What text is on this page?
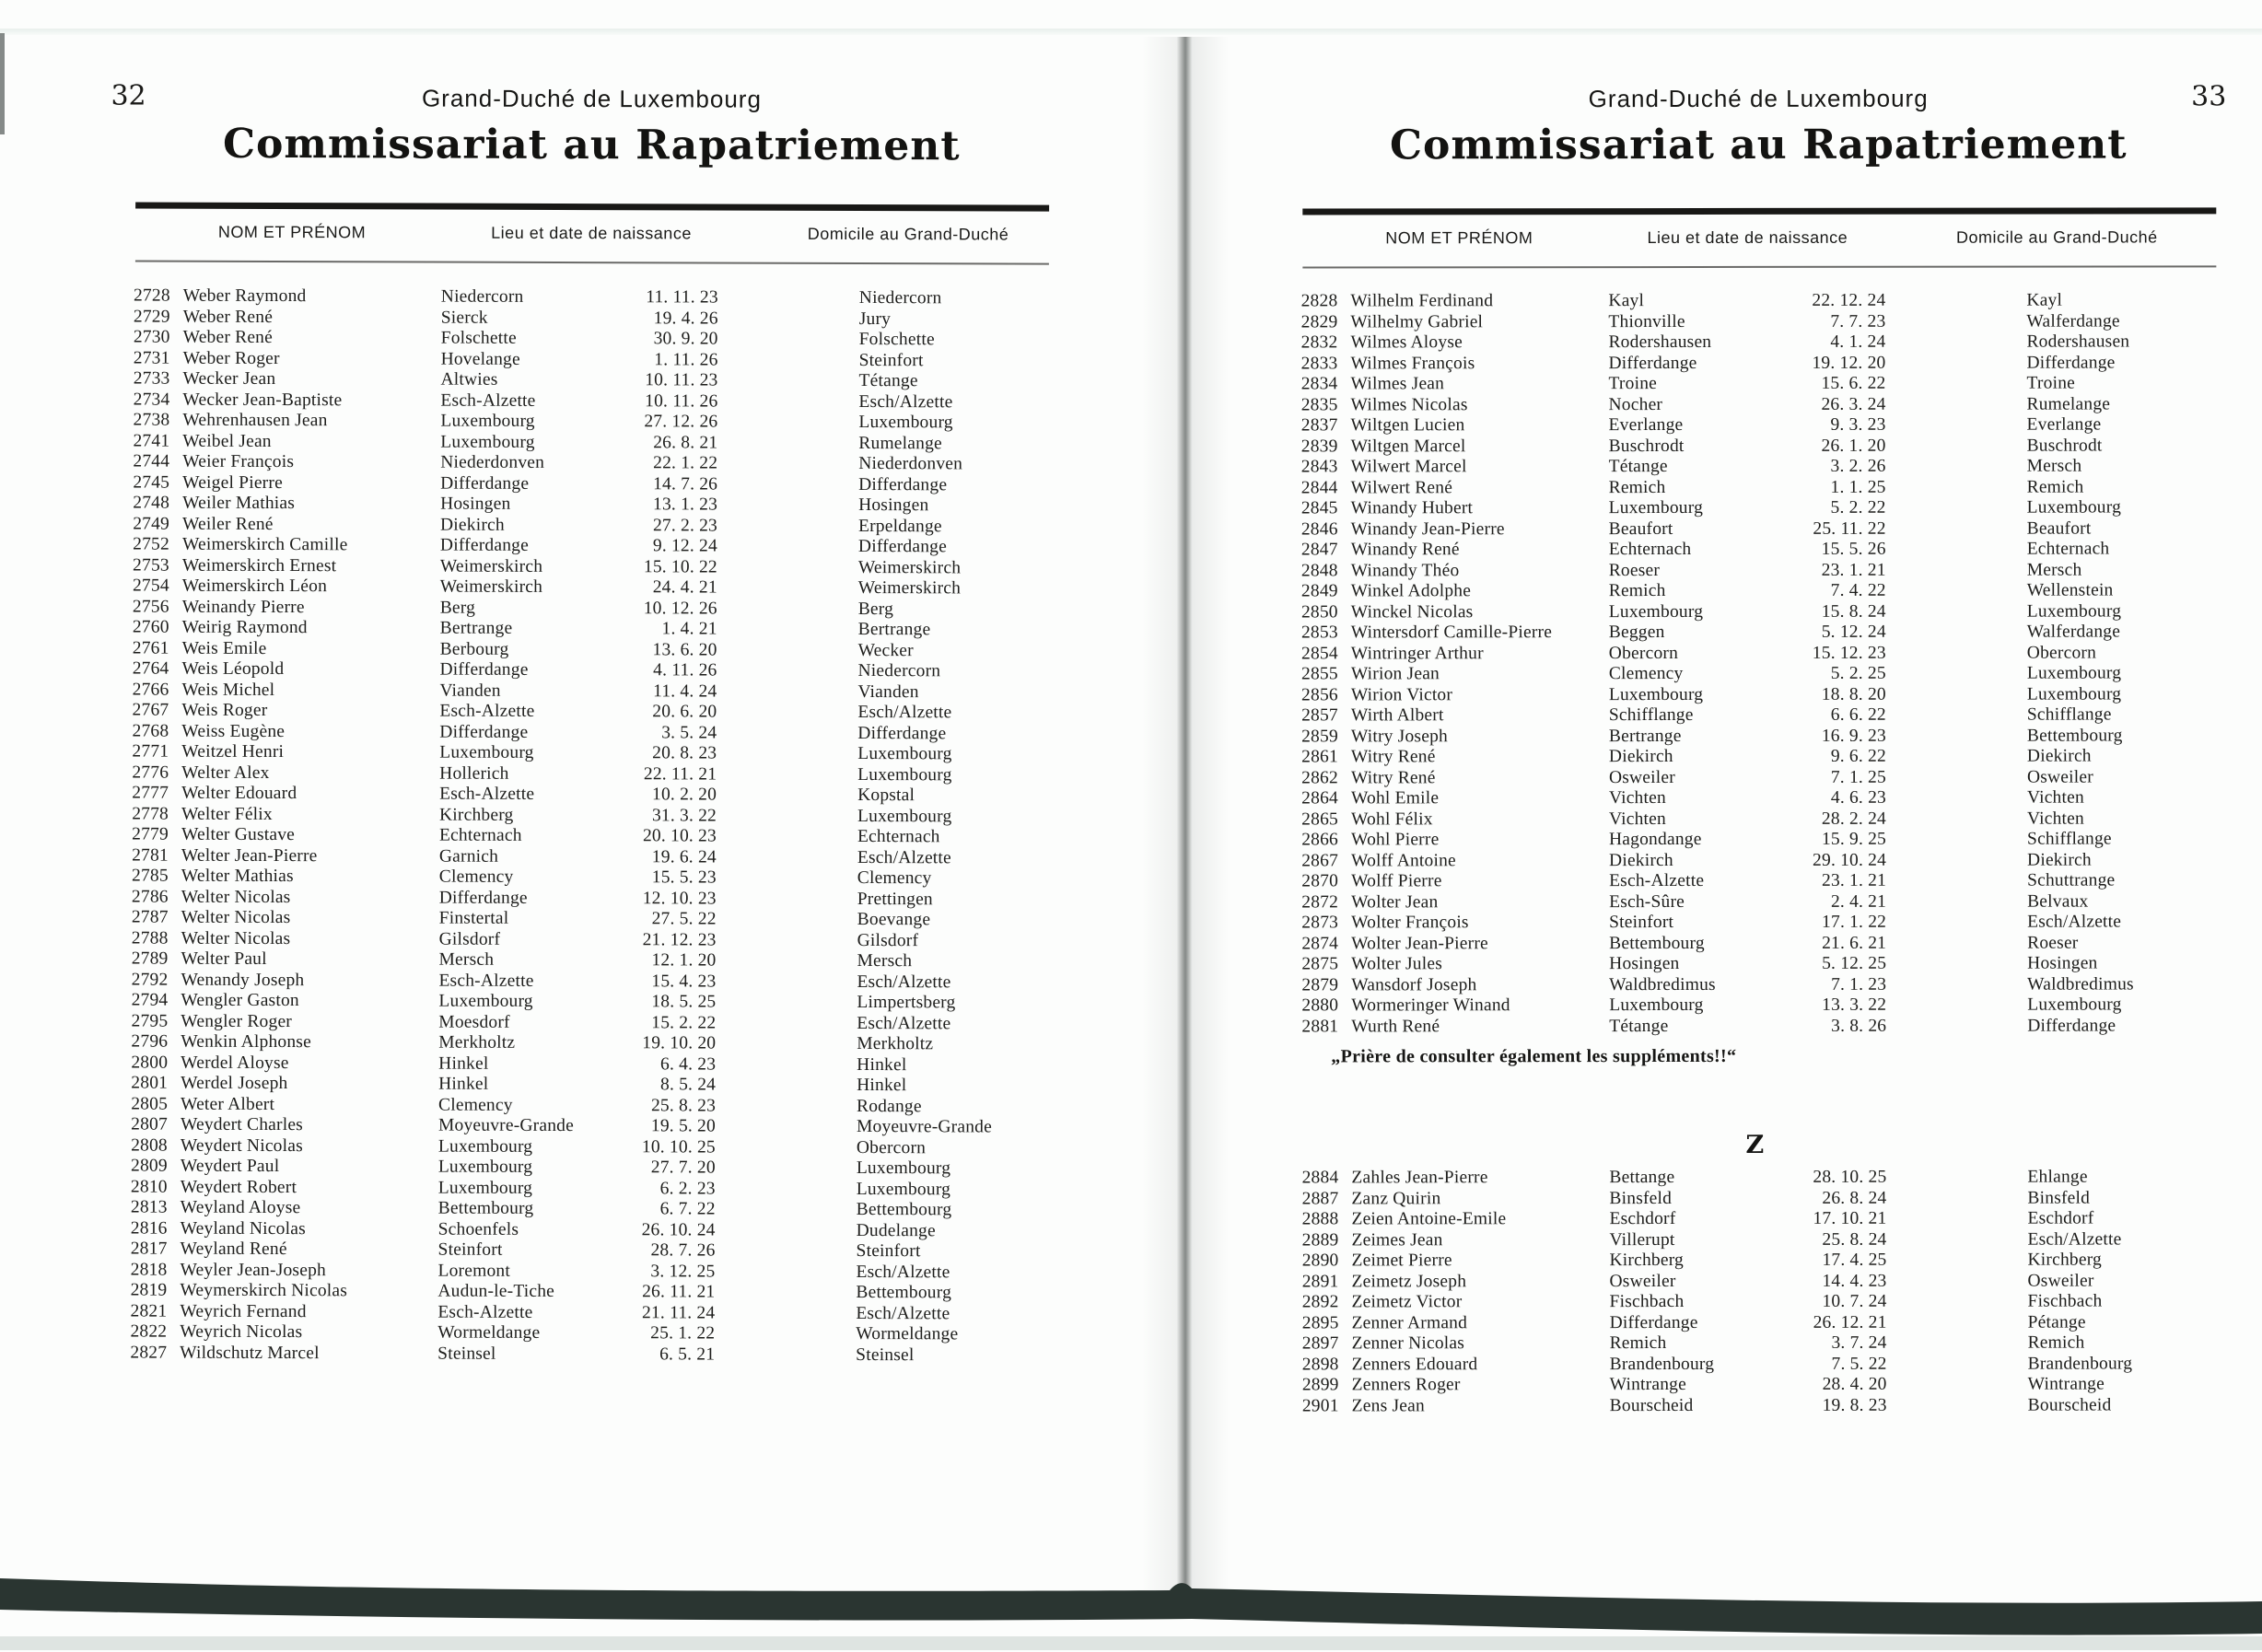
32	Grand-Duché de Luxembourg
Commissariat au Rapatriement
NOM ET PRÉNOM	Lieu et date de naissance	Domicile au Grand-Duché
2728 Weber Raymond	Niedercorn	11. 11. 23	Niedercorn
2729 Weber René	Sierck	19. 4. 26	Jury
2730 Weber René	Folschette	30. 9. 20	Folschette
2731 Weber Roger	Hovelange	1. 11. 26	Steinfort
2733 Wecker Jean	Altwies	10. 11. 23	Tétange
2734 Wecker Jean-Baptiste	Esch-Alzette	10. 11. 26	Esch/Alzette
2738 Wehrenhausen Jean	Luxembourg	27. 12. 26	Luxembourg
2741 Weibel Jean	Luxembourg	26. 8. 21	Rumelange
2744 Weier François	Niederdonven	22. 1. 22	Niederdonven
2745 Weigel Pierre	Differdange	14. 7. 26	Differdange
2748 Weiler Mathias	Hosingen	13. 1. 23	Hosingen
2749 Weiler René	Diekirch	27. 2. 23	Erpeldange
2752 Weimerskirch Camille	Differdange	9. 12. 24	Differdange
2753 Weimerskirch Ernest	Weimerskirch	15. 10. 22	Weimerskirch
2754 Weimerskirch Léon	Weimerskirch	24. 4. 21	Weimerskirch
2756 Weinandy Pierre	Berg	10. 12. 26	Berg
2760 Weirig Raymond	Bertrange	1. 4. 21	Bertrange
2761 Weis Emile	Berbourg	13. 6. 20	Wecker
2764 Weis Léopold	Differdange	4. 11. 26	Niedercorn
2766 Weis Michel	Vianden	11. 4. 24	Vianden
2767 Weis Roger	Esch-Alzette	20. 6. 20	Esch/Alzette
2768 Weiss Eugène	Differdange	3. 5. 24	Differdange
2771 Weitzel Henri	Luxembourg	20. 8. 23	Luxembourg
2776 Welter Alex	Hollerich	22. 11. 21	Luxembourg
2777 Welter Edouard	Esch-Alzette	10. 2. 20	Kopstal
2778 Welter Félix	Kirchberg	31. 3. 22	Luxembourg
2779 Welter Gustave	Echternach	20. 10. 23	Echternach
2781 Welter Jean-Pierre	Garnich	19. 6. 24	Esch/Alzette
2785 Welter Mathias	Clemency	15. 5. 23	Clemency
2786 Welter Nicolas	Differdange	12. 10. 23	Prettingen
2787 Welter Nicolas	Finstertal	27. 5. 22	Boevange
2788 Welter Nicolas	Gilsdorf	21. 12. 23	Gilsdorf
2789 Welter Paul	Mersch	12. 1. 20	Mersch
2792 Wenandy Joseph	Esch-Alzette	15. 4. 23	Esch/Alzette
2794 Wengler Gaston	Luxembourg	18. 5. 25	Limpertsberg
2795 Wengler Roger	Moesdorf	15. 2. 22	Esch/Alzette
2796 Wenkin Alphonse	Merkholtz	19. 10. 20	Merkholtz
2800 Werdel Aloyse	Hinkel	6. 4. 23	Hinkel
2801 Werdel Joseph	Hinkel	8. 5. 24	Hinkel
2805 Weter Albert	Clemency	25. 8. 23	Rodange
2807 Weydert Charles	Moyeuvre-Grande	19. 5. 20	Moyeuvre-Grande
2808 Weydert Nicolas	Luxembourg	10. 10. 25	Obercorn
2809 Weydert Paul	Luxembourg	27. 7. 20	Luxembourg
2810 Weydert Robert	Luxembourg	6. 2. 23	Luxembourg
2813 Weyland Aloyse	Bettembourg	6. 7. 22	Bettembourg
2816 Weyland Nicolas	Schoenfels	26. 10. 24	Dudelange
2817 Weyland René	Steinfort	28. 7. 26	Steinfort
2818 Weyler Jean-Joseph	Loremont	3. 12. 25	Esch/Alzette
2819 Weymerskirch Nicolas	Audun-le-Tiche	26. 11. 21	Bettembourg
2821 Weyrich Fernand	Esch-Alzette	21. 11. 24	Esch/Alzette
2822 Weyrich Nicolas	Wormeldange	25. 1. 22	Wormeldange
2827 Wildschutz Marcel	Steinsel	6. 5. 21	Steinsel
33
Grand-Duché de Luxembourg
Commissariat au Rapatriement
NOM ET PRÉNOM	Lieu et date de naissance	Domicile au Grand-Duché
2828 Wilhelm Ferdinand	Kayl	22. 12. 24	Kayl
2829 Wilhelmy Gabriel	Thionville	7. 7. 23	Walferdange
2832 Wilmes Aloyse	Rodershausen	4. 1. 24	Rodershausen
2833 Wilmes François	Differdange	19. 12. 20	Differdange
2834 Wilmes Jean	Troine	15. 6. 22	Troine
2835 Wilmes Nicolas	Nocher	26. 3. 24	Rumelange
2837 Wiltgen Lucien	Everlange	9. 3. 23	Everlange
2839 Wiltgen Marcel	Buschrodt	26. 1. 20	Buschrodt
2843 Wilwert Marcel	Tétange	3. 2. 26	Mersch
2844 Wilwert René	Remich	1. 1. 25	Remich
2845 Winandy Hubert	Luxembourg	5. 2. 22	Luxembourg
2846 Winandy Jean-Pierre	Beaufort	25. 11. 22	Beaufort
2847 Winandy René	Echternach	15. 5. 26	Echternach
2848 Winandy Théo	Roeser	23. 1. 21	Mersch
2849 Winkel Adolphe	Remich	7. 4. 22	Wellenstein
2850 Winckel Nicolas	Luxembourg	15. 8. 24	Luxembourg
2853 Wintersdorf Camille-Pierre	Beggen	5. 12. 24	Walferdange
2854 Wintringer Arthur	Obercorn	15. 12. 23	Obercorn
2855 Wirion Jean	Clemency	5. 2. 25	Luxembourg
2856 Wirion Victor	Luxembourg	18. 8. 20	Luxembourg
2857 Wirth Albert	Schifflange	6. 6. 22	Schifflange
2859 Witry Joseph	Bertrange	16. 9. 23	Bettembourg
2861 Witry René	Diekirch	9. 6. 22	Diekirch
2862 Witry René	Osweiler	7. 1. 25	Osweiler
2864 Wohl Emile	Vichten	4. 6. 23	Vichten
2865 Wohl Félix	Vichten	28. 2. 24	Vichten
2866 Wohl Pierre	Hagondange	15. 9. 25	Schifflange
2867 Wolff Antoine	Diekirch	29. 10. 24	Diekirch
2870 Wolff Pierre	Esch-Alzette	23. 1. 21	Schuttrange
2872 Wolter Jean	Esch-Sûre	2. 4. 21	Belvaux
2873 Wolter François	Steinfort	17. 1. 22	Esch/Alzette
2874 Wolter Jean-Pierre	Bettembourg	21. 6. 21	Roeser
2875 Wolter Jules	Hosingen	5. 12. 25	Hosingen
2879 Wansdorf Joseph	Waldbredimus	7. 1. 23	Waldbredimus
2880 Wormeringer Winand	Luxembourg	13. 3. 22	Luxembourg
2881 Wurth René	Tétange	3. 8. 26	Differdange
„Prière de consulter également les suppléments!!“
Z
2884 Zahles Jean-Pierre	Bettange	28. 10. 25	Ehlange
2887 Zanz Quirin	Binsfeld	26. 8. 24	Binsfeld
2888 Zeien Antoine-Emile	Eschdorf	17. 10. 21	Eschdorf
2889 Zeimes Jean	Villerupt	25. 8. 24	Esch/Alzette
2890 Zeimet Pierre	Kirchberg	17. 4. 25	Kirchberg
2891 Zeimetz Joseph	Osweiler	14. 4. 23	Osweiler
2892 Zeimetz Victor	Fischbach	10. 7. 24	Fischbach
2895 Zenner Armand	Differdange	26. 12. 21	Pétange
2897 Zenner Nicolas	Remich	3. 7. 24	Remich
2898 Zenners Edouard	Brandenbourg	7. 5. 22	Brandenbourg
2899 Zenners Roger	Wintrange	28. 4. 20	Wintrange
2901 Zens Jean	Bourscheid	19. 8. 23	Bourscheid
